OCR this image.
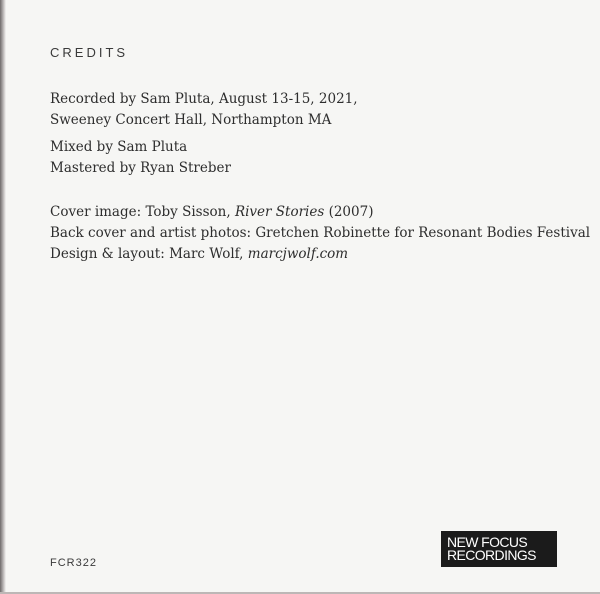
CREDITS
Recorded by Sam Pluta, August 13-15, 2021,
Sweeney Concert Hall, Northampton MA
Mixed by Sam Pluta
Mastered by Ryan Streber
Cover image: Toby Sisson, River Stories (2007)
Back cover and artist photos: Gretchen Robinette for Resonant Bodies Festival
Design & layout: Marc Wolf, marcjwolf.com
FCR322
NEW FOCUS
RECORDINGS
